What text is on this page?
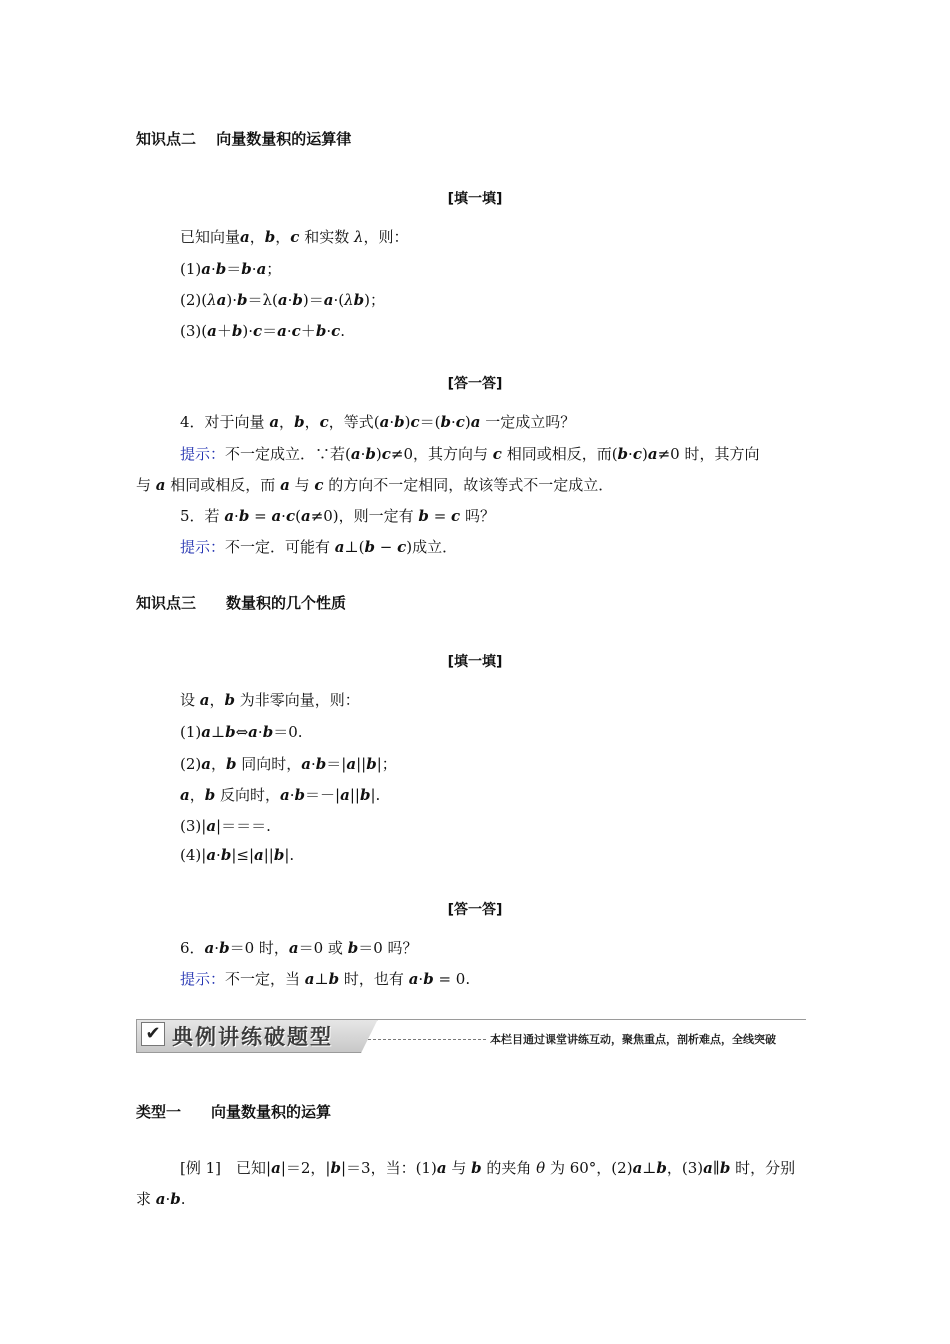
知识点二　 向量数量积的运算律
[填一填]
已知向量a，b，c 和实数 λ，则：
(1)a·b＝b·a；
(2)(λa)·b＝λ(a·b)＝a·(λb)；
(3)(a＋b)·c＝a·c＋b·c.
[答一答]
4．对于向量 a，b，c，等式(a·b)c＝(b·c)a 一定成立吗？
提示：不一定成立．∵若(a·b)c≠0，其方向与 c 相同或相反，而(b·c)a≠0 时，其方向
与 a 相同或相反，而 a 与 c 的方向不一定相同，故该等式不一定成立．
5．若 a·b = a·c(a≠0)，则一定有 b = c 吗？
提示：不一定．可能有 a⊥(b − c)成立．
知识点三　　数量积的几个性质
[填一填]
设 a，b 为非零向量，则：
(1)a⊥b⇔a·b＝0.
(2)a，b 同向时，a·b＝|a||b|；
a，b 反向时，a·b＝－|a||b|.
(3)|a|＝＝＝.
(4)|a·b|≤|a||b|.
[答一答]
6．a·b＝0 时，a＝0 或 b＝0 吗？
提示：不一定，当 a⊥b 时，也有 a·b = 0.
✔ 典例讲练破题型	本栏目通过课堂讲练互动，聚焦重点，剖析难点，全线突破
类型一　　向量数量积的运算
[例 1]　已知|a|＝2，|b|＝3，当：(1)a 与 b 的夹角 θ 为 60°，(2)a⊥b，(3)a∥b 时，分别
求 a·b.
